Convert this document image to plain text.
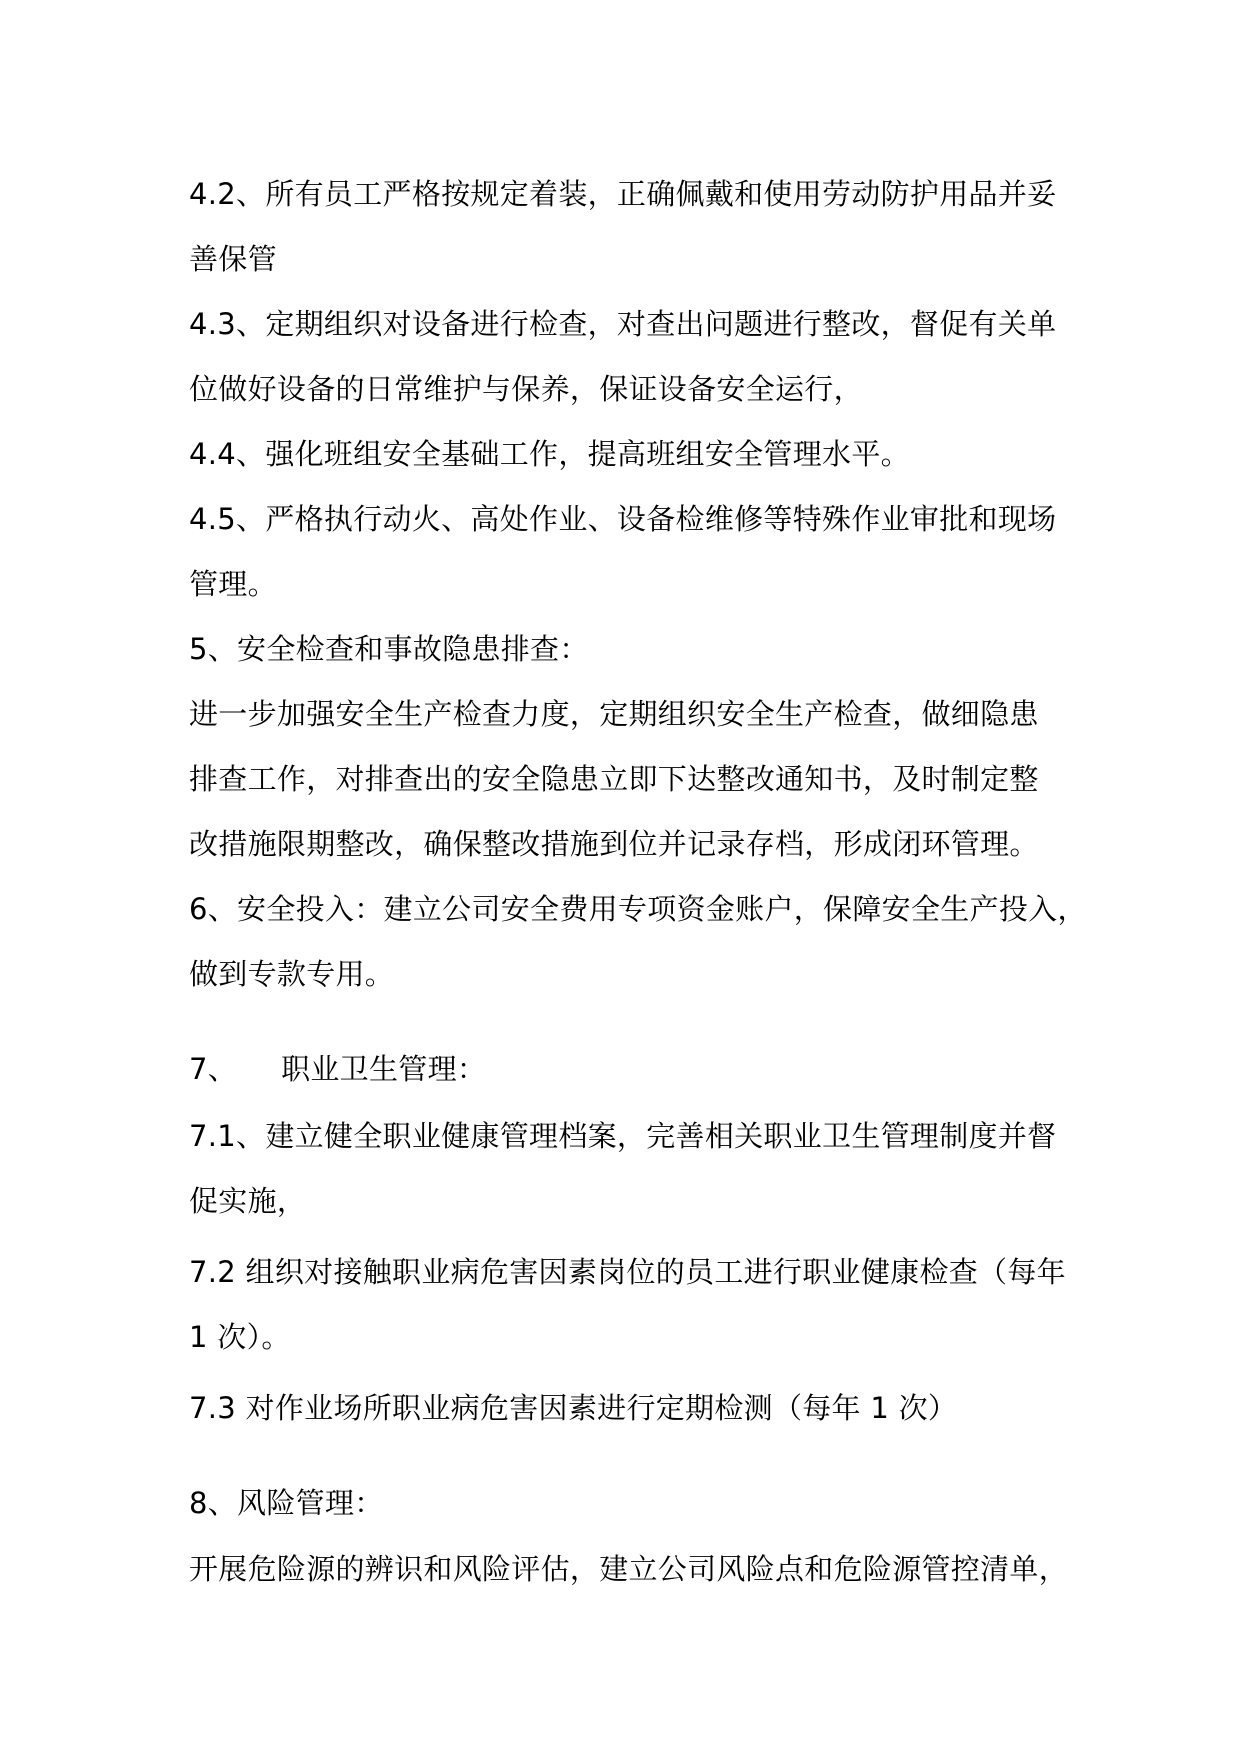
4.2、所有员工严格按规定着装，正确佩戴和使用劳动防护用品并妥
善保管
4.3、定期组织对设备进行检查，对查出问题进行整改，督促有关单
位做好设备的日常维护与保养，保证设备安全运行，
4.4、强化班组安全基础工作，提高班组安全管理水平。
4.5、严格执行动火、高处作业、设备检维修等特殊作业审批和现场
管理。
5、安全检查和事故隐患排查：
进一步加强安全生产检查力度，定期组织安全生产检查，做细隐患
排查工作，对排查出的安全隐患立即下达整改通知书，及时制定整
改措施限期整改，确保整改措施到位并记录存档，形成闭环管理。
6、安全投入：建立公司安全费用专项资金账户，保障安全生产投入，
做到专款专用。
7、 职业卫生管理：
7.1、建立健全职业健康管理档案，完善相关职业卫生管理制度并督
促实施，
7.2 组织对接触职业病危害因素岗位的员工进行职业健康检查（每年
1 次）。
7.3 对作业场所职业病危害因素进行定期检测（每年 1 次）
8、风险管理：
开展危险源的辨识和风险评估，建立公司风险点和危险源管控清单，
